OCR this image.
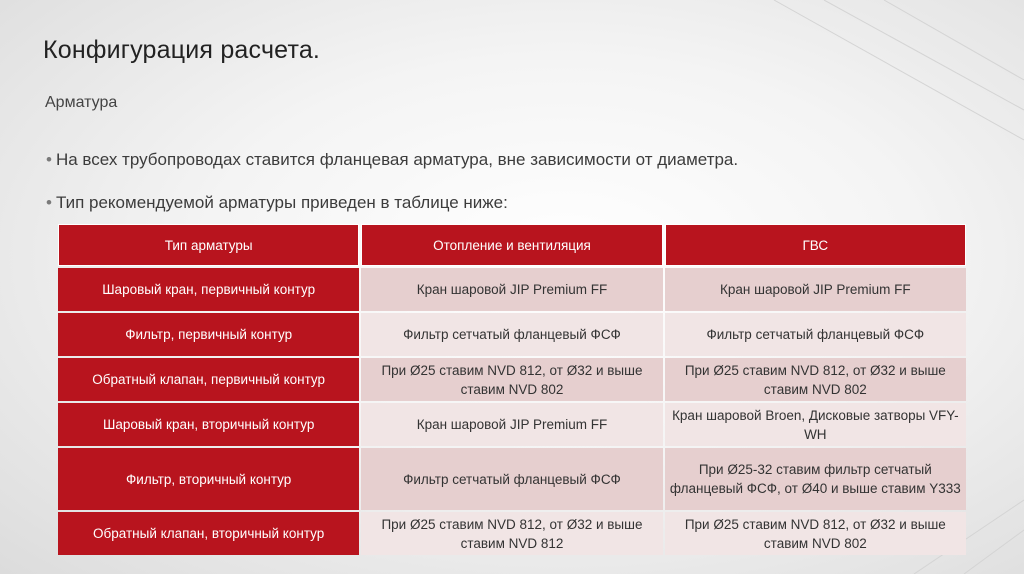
Конфигурация расчета.
Арматура
• На всех трубопроводах ставится фланцевая арматура, вне зависимости от диаметра.
• Тип рекомендуемой арматуры приведен в таблице ниже:
Тип арматуры	Отопление и вентиляция	ГВС
Шаровый кран, первичный контур	Кран шаровой JIP Premium FF	Кран шаровой JIP Premium FF
Фильтр, первичный контур	Фильтр сетчатый фланцевый ФСФ	Фильтр сетчатый фланцевый ФСФ
Обратный клапан, первичный контур	При Ø25 ставим NVD 812, от Ø32 и выше ставим NVD 802	При Ø25 ставим NVD 812, от Ø32 и выше ставим NVD 802
Шаровый кран, вторичный контур	Кран шаровой JIP Premium FF	Кран шаровой Broen, Дисковые затворы VFY-WH
Фильтр, вторичный контур	Фильтр сетчатый фланцевый ФСФ	При Ø25-32 ставим фильтр сетчатый фланцевый ФСФ, от Ø40 и выше ставим Y333
Обратный клапан, вторичный контур	При Ø25 ставим NVD 812, от Ø32 и выше ставим NVD 812	При Ø25 ставим NVD 812, от Ø32 и выше ставим NVD 802
